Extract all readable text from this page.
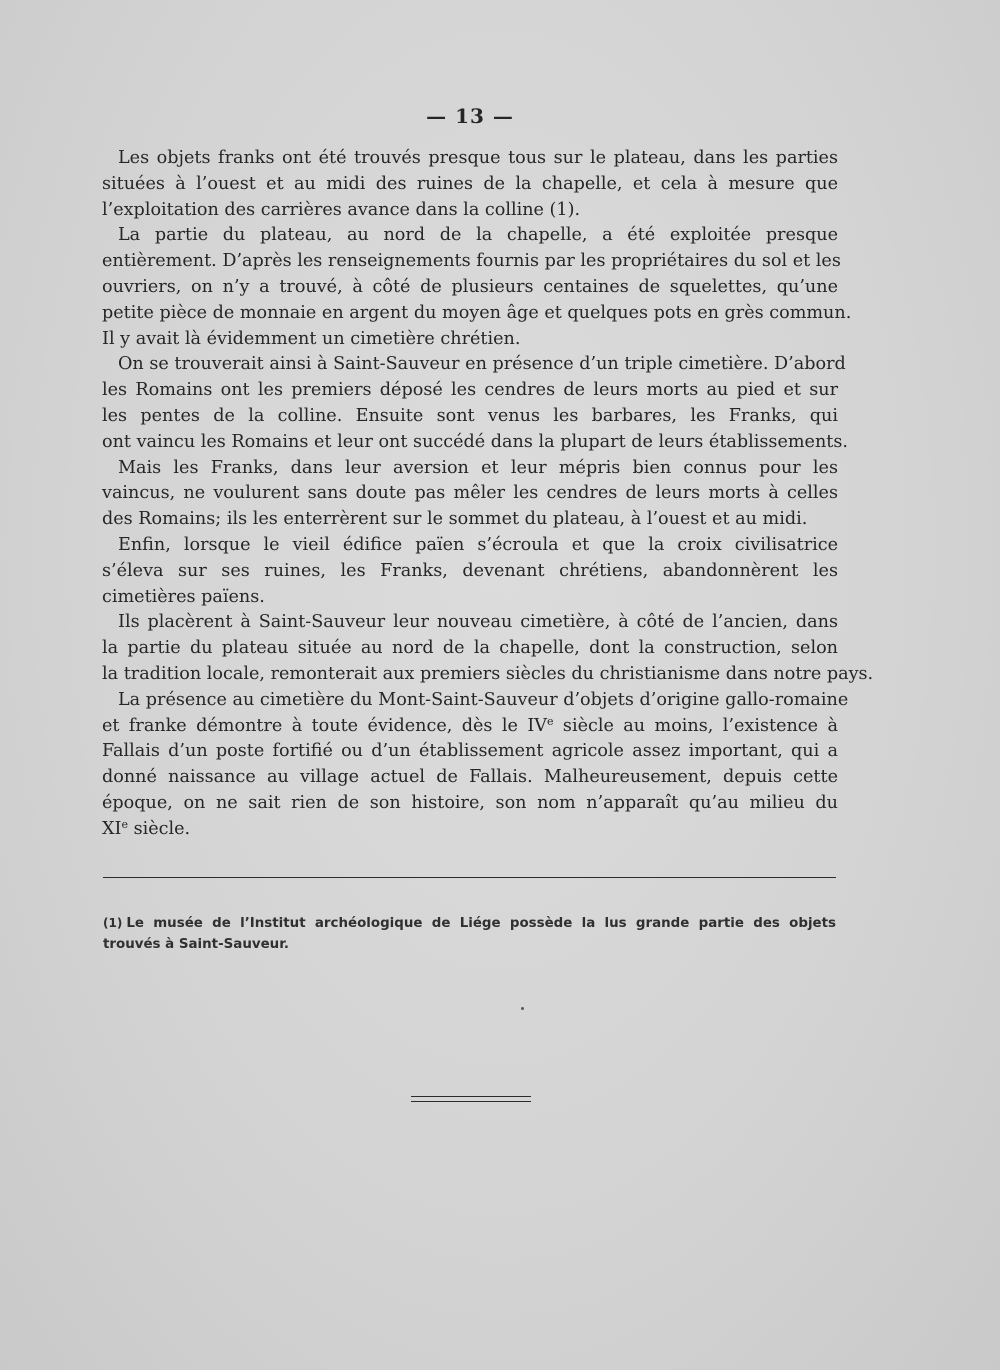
— 13 —
Les objets franks ont été trouvés presque tous sur le plateau, dans les parties
situées à l’ouest et au midi des ruines de la chapelle, et cela à mesure que
l’exploitation des carrières avance dans la colline (1).
La partie du plateau, au nord de la chapelle, a été exploitée presque
entièrement. D’après les renseignements fournis par les propriétaires du sol et les
ouvriers, on n’y a trouvé, à côté de plusieurs centaines de squelettes, qu’une
petite pièce de monnaie en argent du moyen âge et quelques pots en grès commun.
Il y avait là évidemment un cimetière chrétien.
On se trouverait ainsi à Saint-Sauveur en présence d’un triple cimetière. D’abord
les Romains ont les premiers déposé les cendres de leurs morts au pied et sur
les pentes de la colline. Ensuite sont venus les barbares, les Franks, qui
ont vaincu les Romains et leur ont succédé dans la plupart de leurs établissements.
Mais les Franks, dans leur aversion et leur mépris bien connus pour les
vaincus, ne voulurent sans doute pas mêler les cendres de leurs morts à celles
des Romains; ils les enterrèrent sur le sommet du plateau, à l’ouest et au midi.
Enfin, lorsque le vieil édifice païen s’écroula et que la croix civilisatrice
s’éleva sur ses ruines, les Franks, devenant chrétiens, abandonnèrent les
cimetières païens.
Ils placèrent à Saint-Sauveur leur nouveau cimetière, à côté de l’ancien, dans
la partie du plateau située au nord de la chapelle, dont la construction, selon
la tradition locale, remonterait aux premiers siècles du christianisme dans notre pays.
La présence au cimetière du Mont-Saint-Sauveur d’objets d’origine gallo-romaine
et franke démontre à toute évidence, dès le IVe siècle au moins, l’existence à
Fallais d’un poste fortifié ou d’un établissement agricole assez important, qui a
donné naissance au village actuel de Fallais. Malheureusement, depuis cette
époque, on ne sait rien de son histoire, son nom n’apparaît qu’au milieu du
XIe siècle.
(1) Le musée de l’Institut archéologique de Liége possède la lus grande partie des objets
trouvés à Saint-Sauveur.
